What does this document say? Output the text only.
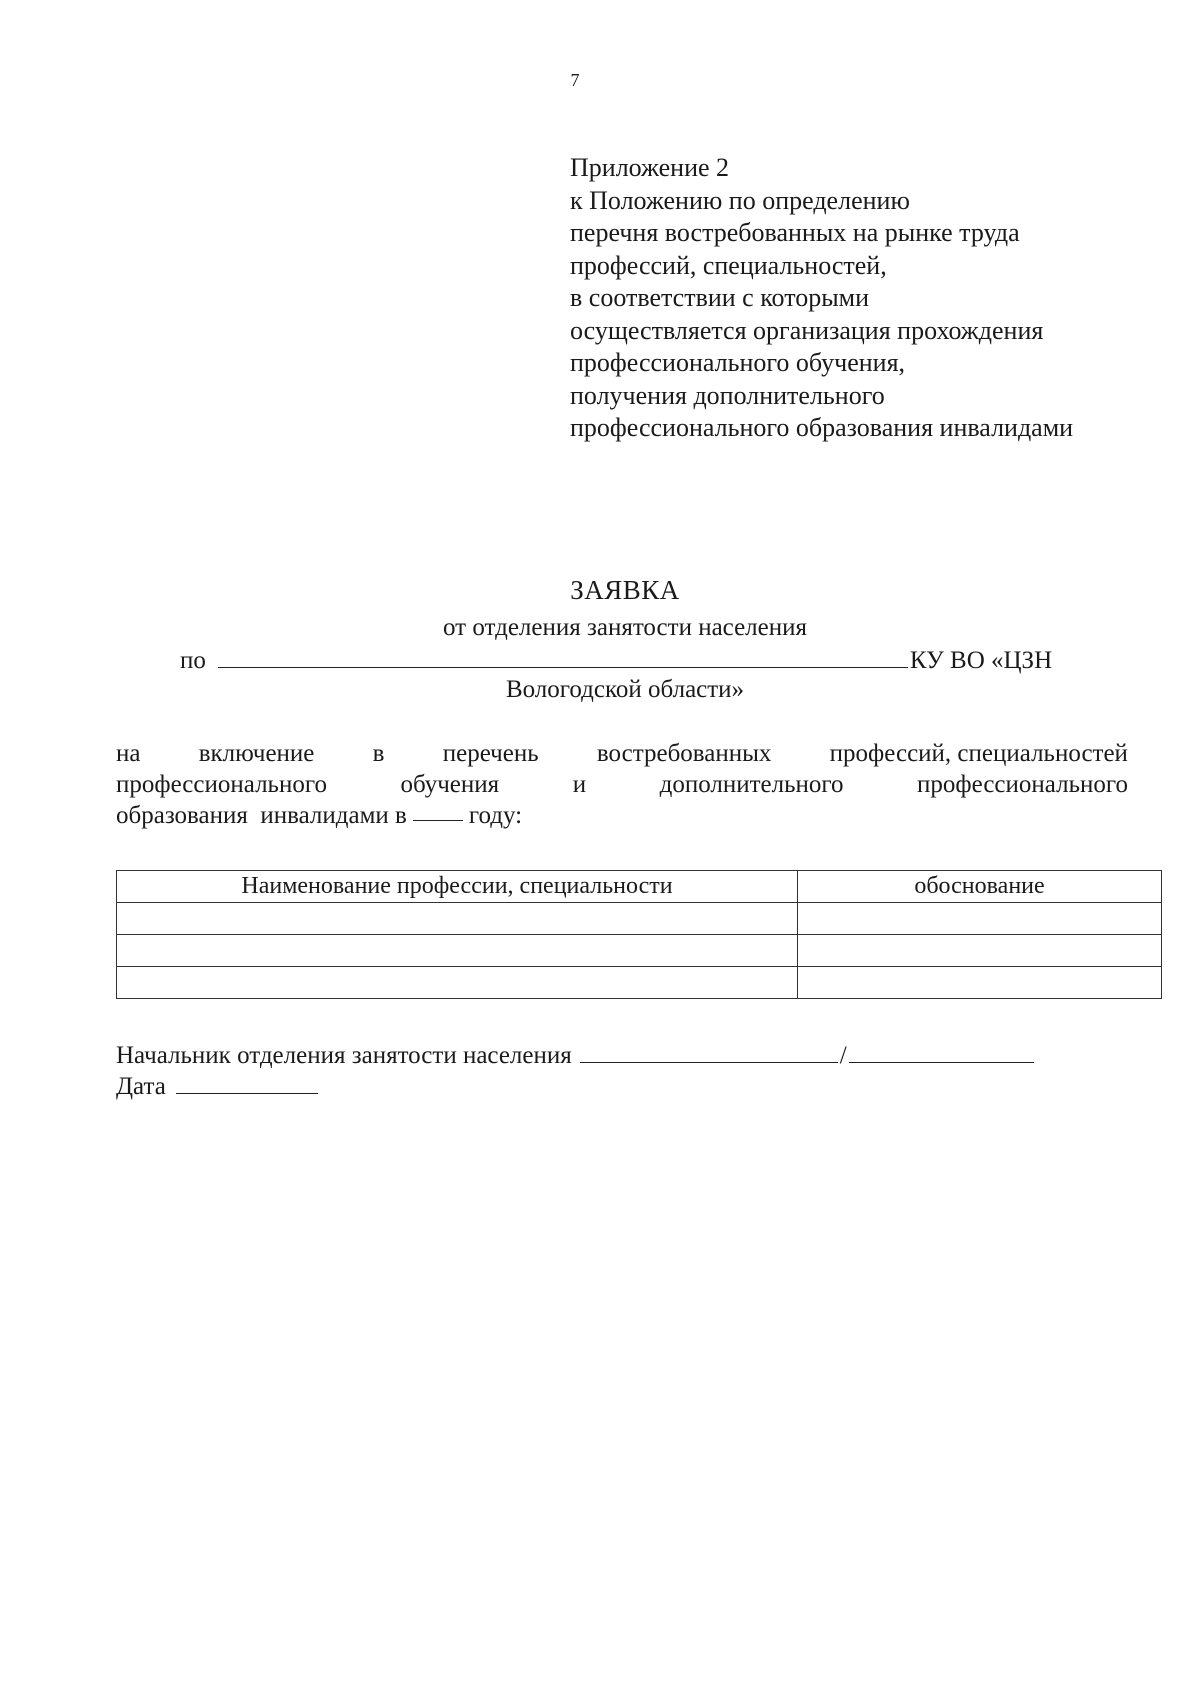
7
Приложение 2
к Положению по определению
перечня востребованных на рынке труда
профессий, специальностей,
в соответствии с которыми
осуществляется организация прохождения
профессионального обучения,
получения дополнительного
профессионального образования инвалидами
ЗАЯВКА
от отделения занятости населения
по	КУ ВО «ЦЗН
Вологодской области»
на включение в перечень востребованных профессий, специальностей
профессионального	обучения	и	дополнительного	профессионального
образования  инвалидами в году:
Наименование профессии, специальности	обоснование

Начальник отделения занятости населения	/
Дата
